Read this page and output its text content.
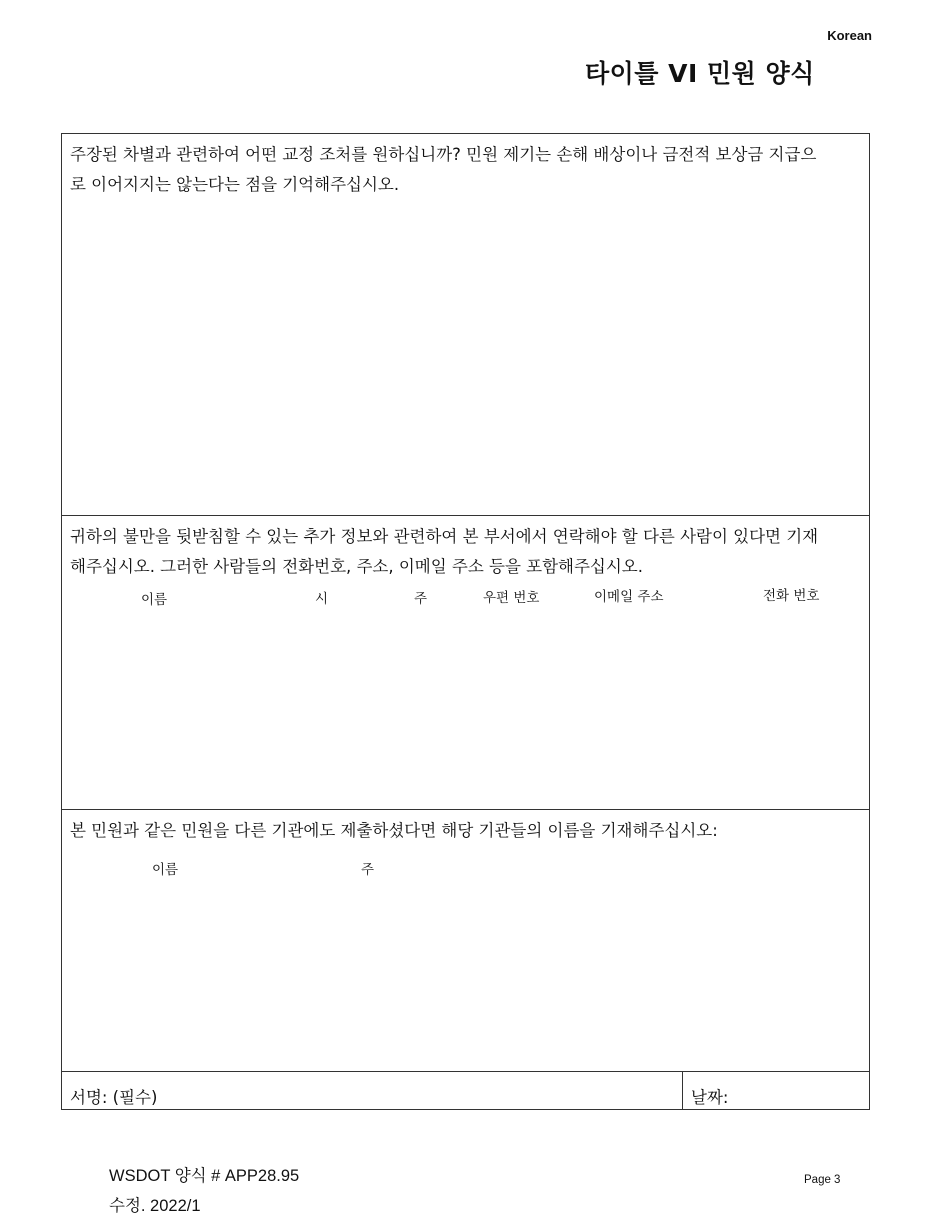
Korean
타이틀 VI 민원 양식
주장된 차별과 관련하여 어떤 교정 조처를 원하십니까? 민원 제기는 손해 배상이나 금전적 보상금 지급으로 이어지지는 않는다는 점을 기억해주십시오.
귀하의 불만을 뒷받침할 수 있는 추가 정보와 관련하여 본 부서에서 연락해야 할 다른 사람이 있다면 기재해주십시오. 그러한 사람들의 전화번호, 주소, 이메일 주소 등을 포함해주십시오.
이름	시	주	우편 번호	이메일 주소	전화 번호
본 민원과 같은 민원을 다른 기관에도 제출하셨다면 해당 기관들의 이름을 기재해주십시오:
이름	주
서명: (필수)	날짜:
WSDOT 양식 # APP28.95
수정. 2022/1
Page 3
